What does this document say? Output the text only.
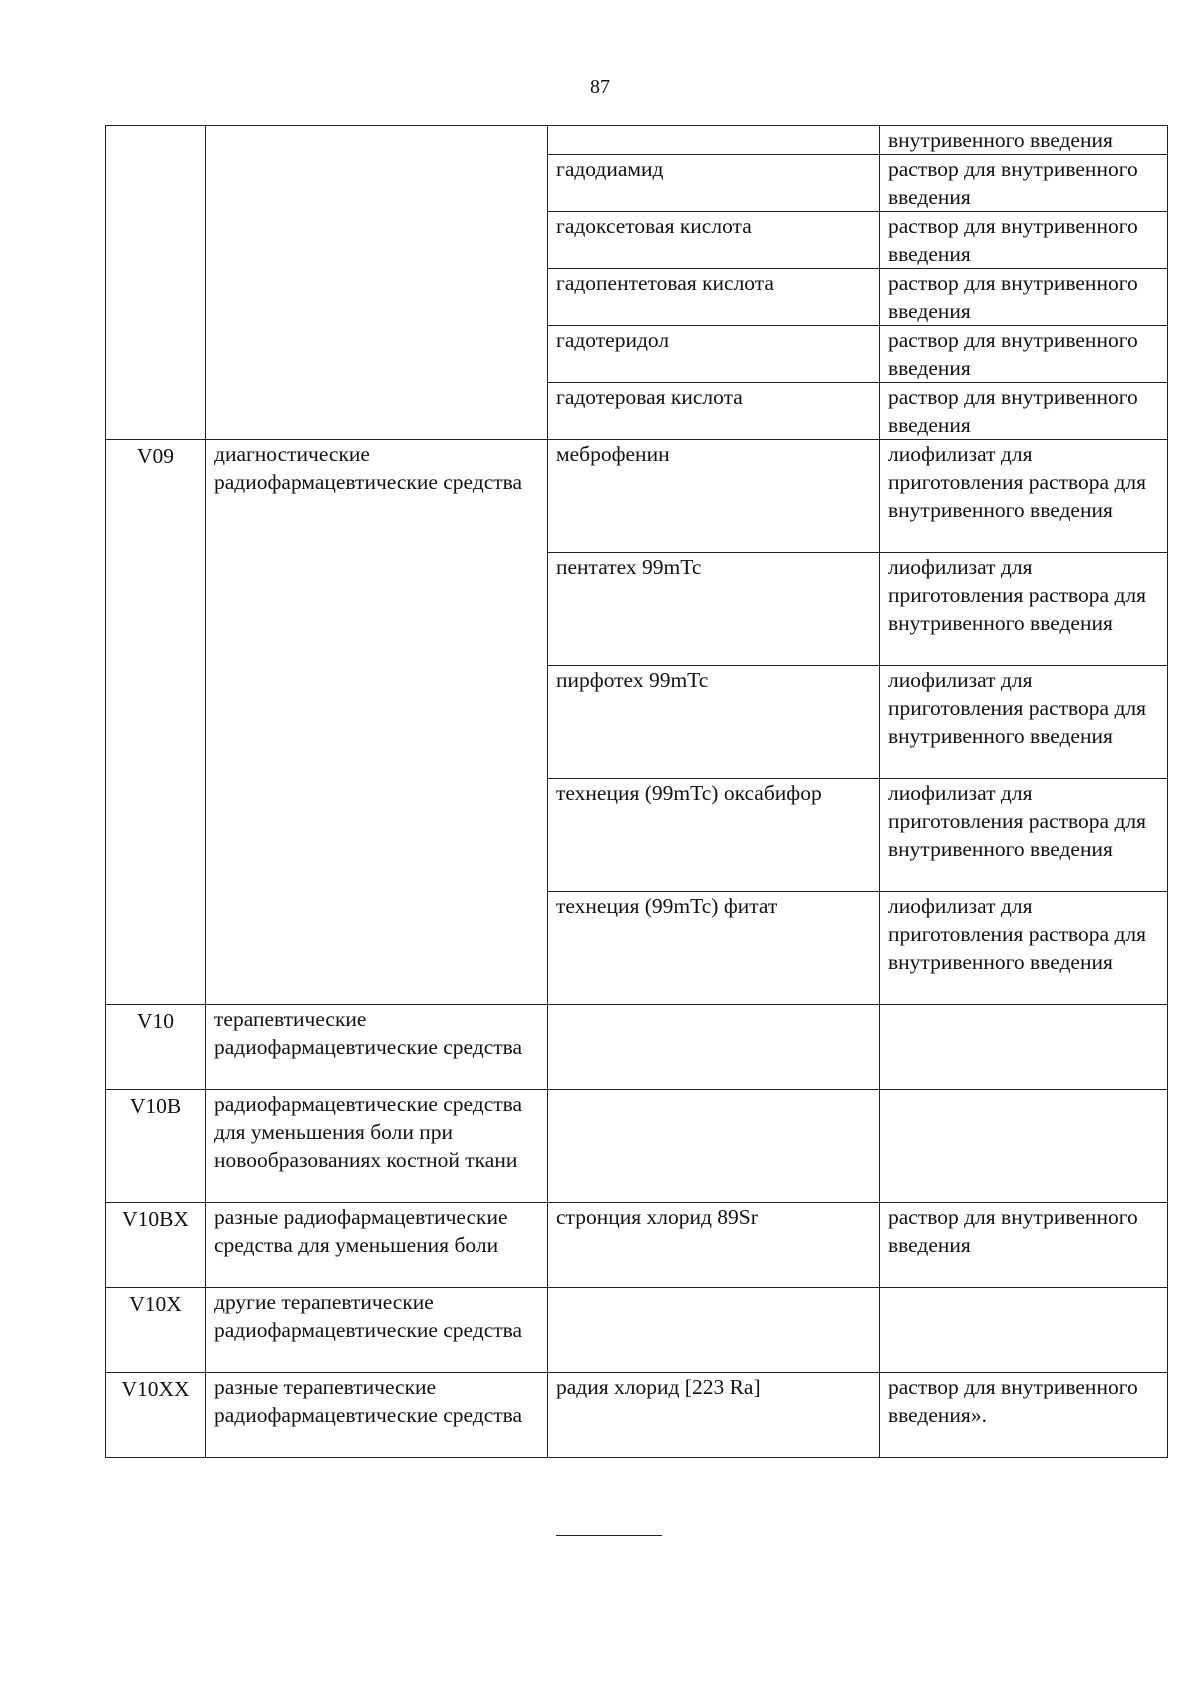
87
			внутривенного введения
		гадодиамид	раствор для внутривенного введения
		гадоксетовая кислота	раствор для внутривенного введения
		гадопентетовая кислота	раствор для внутривенного введения
		гадотеридол	раствор для внутривенного введения
		гадотеровая кислота	раствор для внутривенного введения
V09	диагностические радиофармацевтические средства	меброфенин	лиофилизат для приготовления раствора для внутривенного введения
		пентатех 99mTc	лиофилизат для приготовления раствора для внутривенного введения
		пирфотех 99mTc	лиофилизат для приготовления раствора для внутривенного введения
		технеция (99mTc) оксабифор	лиофилизат для приготовления раствора для внутривенного введения
		технеция (99mTc) фитат	лиофилизат для приготовления раствора для внутривенного введения
V10	терапевтические радиофармацевтические средства		
V10B	радиофармацевтические средства для уменьшения боли при новообразованиях костной ткани		
V10BX	разные радиофармацевтические средства для уменьшения боли	стронция хлорид 89Sr	раствор для внутривенного введения
V10X	другие терапевтические радиофармацевтические средства		
V10XX	разные терапевтические радиофармацевтические средства	радия хлорид [223 Ra]	раствор для внутривенного введения».
